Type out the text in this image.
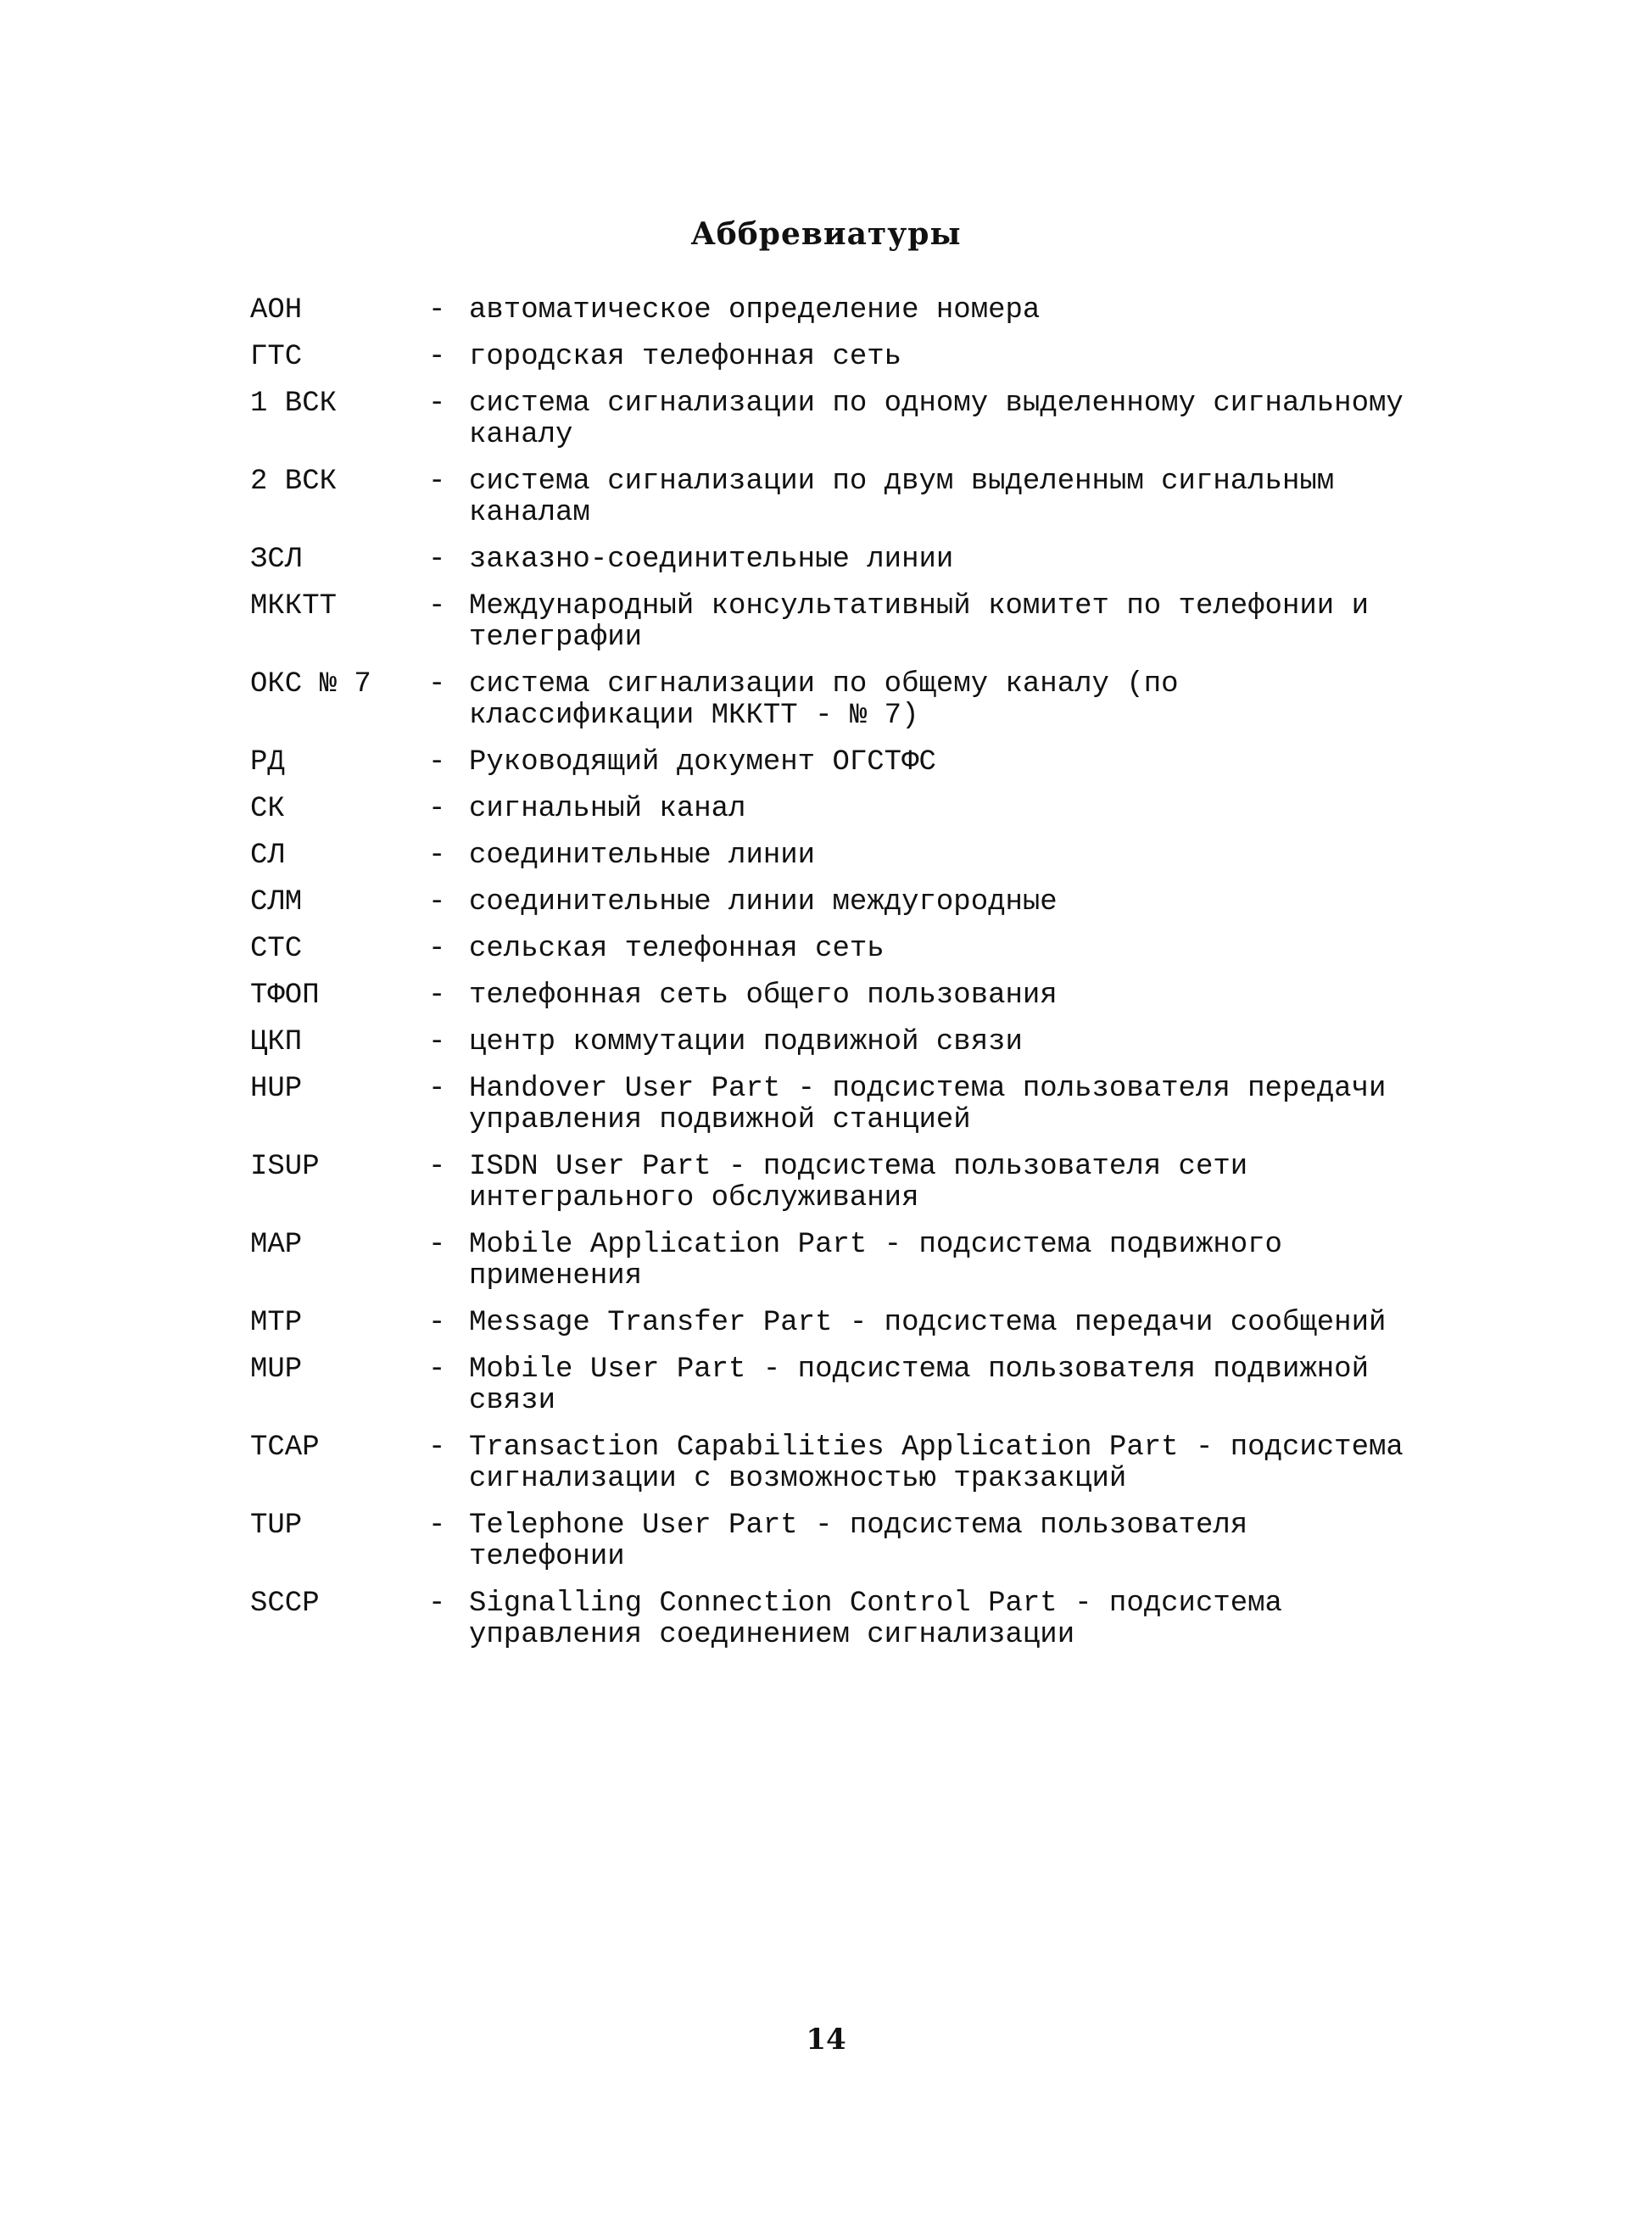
Аббревиатуры
АОН	- автоматическое определение номера
ГТС	- городская телефонная сеть
1 ВСК	- система сигнализации по одному выделенному сигнальному
каналу
2 ВСК	- система сигнализации по двум выделенным сигнальным
каналам
ЗСЛ	- заказно-соединительные линии
МККТТ	- Международный консультативный комитет по телефонии и
телеграфии
ОКС № 7	- система сигнализации по общему каналу (по
классификации МККТТ - № 7)
РД	- Руководящий документ ОГСТФС
СК	- сигнальный канал
СЛ	- соединительные линии
СЛМ	- соединительные линии междугородные
СТС	- сельская телефонная сеть
ТФОП	- телефонная сеть общего пользования
ЦКП	- центр коммутации подвижной связи
HUP	- Handover User Part - подсистема пользователя передачи
управления подвижной станцией
ISUP	- ISDN User Part - подсистема пользователя сети
интегрального обслуживания
MAP	- Mobile Application Part - подсистема подвижного
применения
MTP	- Message Transfer Part - подсистема передачи сообщений
MUP	- Mobile User Part - подсистема пользователя подвижной
связи
TCAP	- Transaction Capabilities Application Part - подсистема
сигнализации с возможностью тракзакций
TUP	- Telephone User Part - подсистема пользователя
телефонии
SCCP	- Signalling Connection Control Part - подсистема
управления соединением сигнализации
14
